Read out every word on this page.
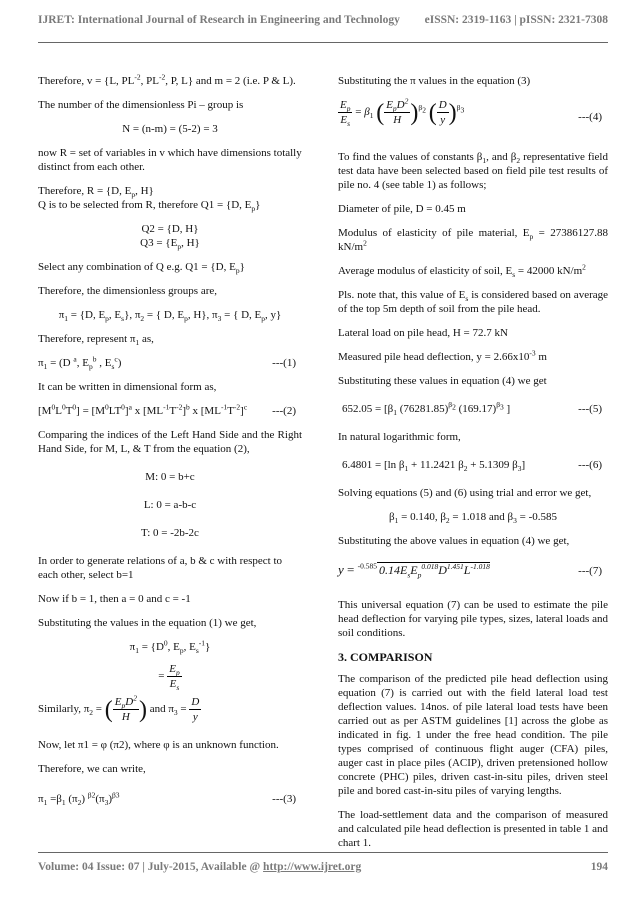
IJRET: International Journal of Research in Engineering and Technology eISSN: 2319-1163 | pISSN: 2321-7308

Therefore, v = {L, $PL^{-2}$, $PL^{-2}$, P, L} and m = 2 (i.e. P & L).

The number of the dimensionless Pi – group is

N = (n-m) = (5-2) = 3

now R = set of variables in v which have dimensions totally distinct from each other.

Therefore, R = {D, $E_p$, H}
Q is to be selected from R, therefore Q1 = {D, $E_p$}
Q2 = {D, H}
$Q3 = \{E_p$, H}

Select any combination of Q e.g. Q1 = {D, $E_p$}

Therefore, the dimensionless groups are,

$\pi_1 = \{D$, $E_p$, $E_s$}, $\pi_2$ = { D, $E_p$, H}, $\pi_3$ = { D, $E_p$, y}

Therefore, represent $\pi_1$ as,

$\pi_1 = (D$ $^a$, $E_p^b$ , $E_s^c$)	---(1)

It can be written in dimensional form as,

$[M^0L^0T^0] = [M^0LT^0]^a$ x $[ML^{-1}T^{-2}]^b$ x $[ML^{-1}T^{-2}]^c$ ---(2)

Comparing the indices of the Left Hand Side and the Right Hand Side, for M, L, & T from the equation (2),

M: 0 = b+c

L: 0 = a-b-c

T: 0 = -2b-2c

In order to generate relations of a, b & c with respect to each other, select b=1

Now if b = 1, then a = 0 and c = -1

Substituting the values in the equation (1) we get,

$\pi_1 = \{D^0$, $E_p$, $E_s^{-1}$}

= $\frac{E_p}{E_s}$
Similarly, $\pi_2$ = ( $\frac{E_pD^2}{H}$ ) and $\pi_3 = \frac{D}{y}$

Now, let π1 = φ (π2), where φ is an unknown function.

Therefore, we can write,

$\pi_1 =\beta_1$ $(\pi_2)$ $^{\beta 2}(\pi_3)^{\beta 3}$	---(3)

Substituting the π values in the equation (3)

$\frac{E_p}{E_s} = \beta_1$ ( $\frac{E_pD^2}{H} )^{\beta_2}$ ( $\frac{D}{y} )^{\beta_3}$
---(4)

To find the values of constants $\beta_1$, and $\beta_2$ representative field test data have been selected based on field pile test results of pile no. 4 (see table 1) as follows;

Diameter of pile, D = 0.45 m

Modulus of elasticity of pile material, $E_p = 27386127.88$ $kN/m^2$

Average modulus of elasticity of soil, $E_s = 42000$ $kN/m^2$

Pls. note that, this value of $E_s$ is considered based on average of the top 5m depth of soil from the pile head.

Lateral load on pile head, H = 72.7 kN

Measured pile head deflection, $y = 2.66x10^{-3}$ m

Substituting these values in equation (4) we get

$652.05 = [\beta_1$ $(76281.85)^{\beta_2}$ $(169.17)^{\beta_3}$ ]	---(5)

In natural logarithmic form,

6.4801 = [ln $\beta_1 + 11.2421$ $\beta_2 + 5.1309$ $\beta_3$]	---(6)

Solving equations (5) and (6) using trial and error we get,

$\beta_1 = 0.140$, $\beta_2 = 1.018$ and $\beta_3 = -0.585$

Substituting the above values in equation (4) we get,

y = $^{-0.585}$ $0.14E_sE_p^{0.018}D^{1.451}L^{-1.018}$	---(7)

This universal equation (7) can be used to estimate the pile head deflection for varying pile types, sizes, lateral loads and soil conditions.

3. COMPARISON

The comparison of the predicted pile head deflection using equation (7) is carried out with the field lateral load test deflection values. 14nos. of pile lateral load tests have been carried out as per ASTM guidelines [1] across the globe as indicated in fig. 1 under the free head condition. The pile types comprised of continuous flight auger (CFA) piles, auger cast in place piles (ACIP), driven pretensioned hollow concrete (PHC) piles, driven cast-in-situ piles, driven steel pile and bored cast-in-situ piles of varying lengths.

The load-settlement data and the comparison of measured and calculated pile head deflection is presented in table 1 and chart 1.

Volume: 04 Issue: 07 | July-2015, Available @ http://www.ijret.org	194
